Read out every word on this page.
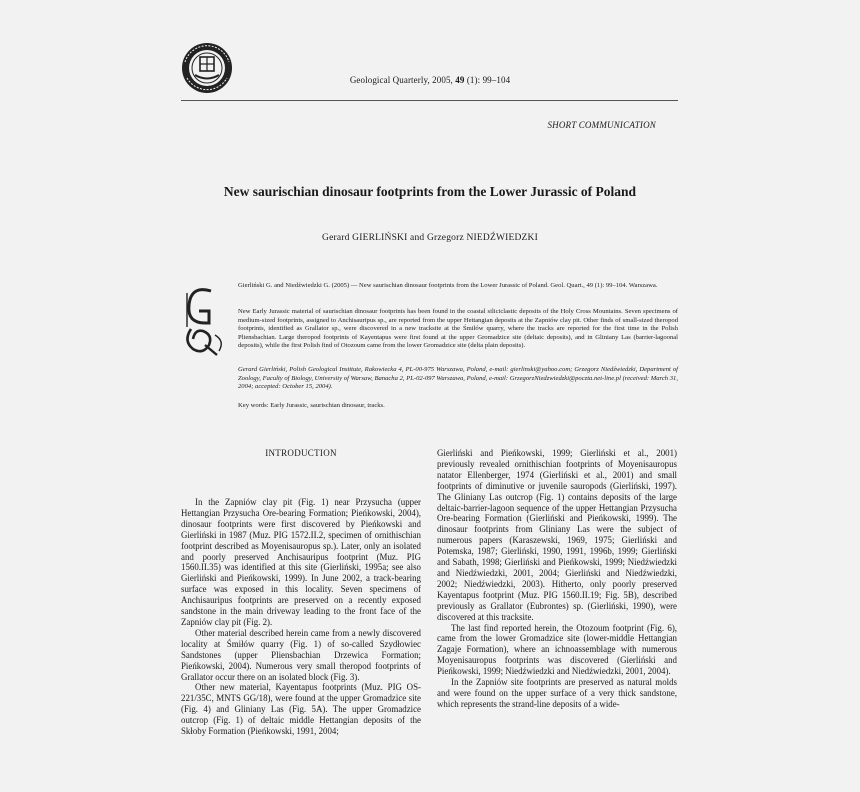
Geological Quarterly, 2005, 49 (1): 99–104
SHORT COMMUNICATION
New saurischian dinosaur footprints from the Lower Jurassic of Poland
Gerard GIERLIŃSKI and Grzegorz NIEDŹWIEDZKI
Gierliński G. and Niedźwiedzki G. (2005) — New saurischian dinosaur footprints from the Lower Jurassic of Poland. Geol. Quart., 49 (1): 99–104. Warszawa.
New Early Jurassic material of saurischian dinosaur footprints has been found in the coastal siliciclastic deposits of the Holy Cross Mountains. Seven specimens of medium-sized footprints, assigned to Anchisauripus sp., are reported from the upper Hettangian deposits at the Zapniów clay pit. Other finds of small-sized theropod footprints, identified as Grallator sp., were discovered in a new tracksite at the Śmiłów quarry, where the tracks are reported for the first time in the Polish Pliensbachian. Large theropod footprints of Kayentapus were first found at the upper Gromadzice site (deltaic deposits), and in Gliniany Las (barrier-lagoonal deposits), while the first Polish find of Otozoum came from the lower Gromadzice site (delta plain deposits).
Gerard Gierliński, Polish Geological Institute, Rakowiecka 4, PL-00-975 Warszawa, Poland, e-mail: gierlinski@yahoo.com; Grzegorz Niedźwiedzki, Department of Zoology, Faculty of Biology, University of Warsaw, Banacha 2, PL-02-097 Warszawa, Poland, e-mail: GrzegorzNiedzwiedzki@poczta.net-line.pl (received: March 31, 2004; accepted: October 15, 2004).
Key words: Early Jurassic, saurischian dinosaur, tracks.
INTRODUCTION

In the Zapniów clay pit (Fig. 1) near Przysucha (upper Hettangian Przysucha Ore-bearing Formation; Pieńkowski, 2004), dinosaur footprints were first discovered by Pieńkowski and Gierliński in 1987 (Muz. PIG 1572.II.2, specimen of ornithischian footprint described as Moyenisauropus sp.). Later, only an isolated and poorly preserved Anchisauripus footprint (Muz. PIG 1560.II.35) was identified at this site (Gierliński, 1995a; see also Gierliński and Pieńkowski, 1999). In June 2002, a track-bearing surface was exposed in this locality. Seven specimens of Anchisauripus footprints are preserved on a recently exposed sandstone in the main driveway leading to the front face of the Zapniów clay pit (Fig. 2).

Other material described herein came from a newly discovered locality at Śmiłów quarry (Fig. 1) of so-called Szydłowiec Sandstones (upper Pliensbachian Drzewica Formation; Pieńkowski, 2004). Numerous very small theropod footprints of Grallator occur there on an isolated block (Fig. 3).

Other new material, Kayentapus footprints (Muz. PIG OS-221/35C, MNTS GG/18), were found at the upper Gromadzice site (Fig. 4) and Gliniany Las (Fig. 5A). The upper Gromadzice outcrop (Fig. 1) of deltaic middle Hettangian deposits of the Skłoby Formation (Pieńkowski, 1991, 2004;

Gierliński and Pieńkowski, 1999; Gierliński et al., 2001) previously revealed ornithischian footprints of Moyenisauropus natator Ellenberger, 1974 (Gierliński et al., 2001) and small footprints of diminutive or juvenile sauropods (Gierliński, 1997). The Gliniany Las outcrop (Fig. 1) contains deposits of the large deltaic-barrier-lagoon sequence of the upper Hettangian Przysucha Ore-bearing Formation (Gierliński and Pieńkowski, 1999). The dinosaur footprints from Gliniany Las were the subject of numerous papers (Karaszewski, 1969, 1975; Gierliński and Potemska, 1987; Gierliński, 1990, 1991, 1996b, 1999; Gierliński and Sabath, 1998; Gierliński and Pieńkowski, 1999; Niedźwiedzki and Niedźwiedzki, 2001, 2004; Gierliński and Niedźwiedzki, 2002; Niedźwiedzki, 2003). Hitherto, only poorly preserved Kayentapus footprint (Muz. PIG 1560.II.19; Fig. 5B), described previously as Grallator (Eubrontes) sp. (Gierliński, 1990), were discovered at this tracksite.

The last find reported herein, the Otozoum footprint (Fig. 6), came from the lower Gromadzice site (lower-middle Hettangian Zagaje Formation), where an ichnoassemblage with numerous Moyenisauropus footprints was discovered (Gierliński and Pieńkowski, 1999; Niedźwiedzki and Niedźwiedzki, 2001, 2004).

In the Zapniów site footprints are preserved as natural molds and were found on the upper surface of a very thick sandstone, which represents the strand-line deposits of a wide-
